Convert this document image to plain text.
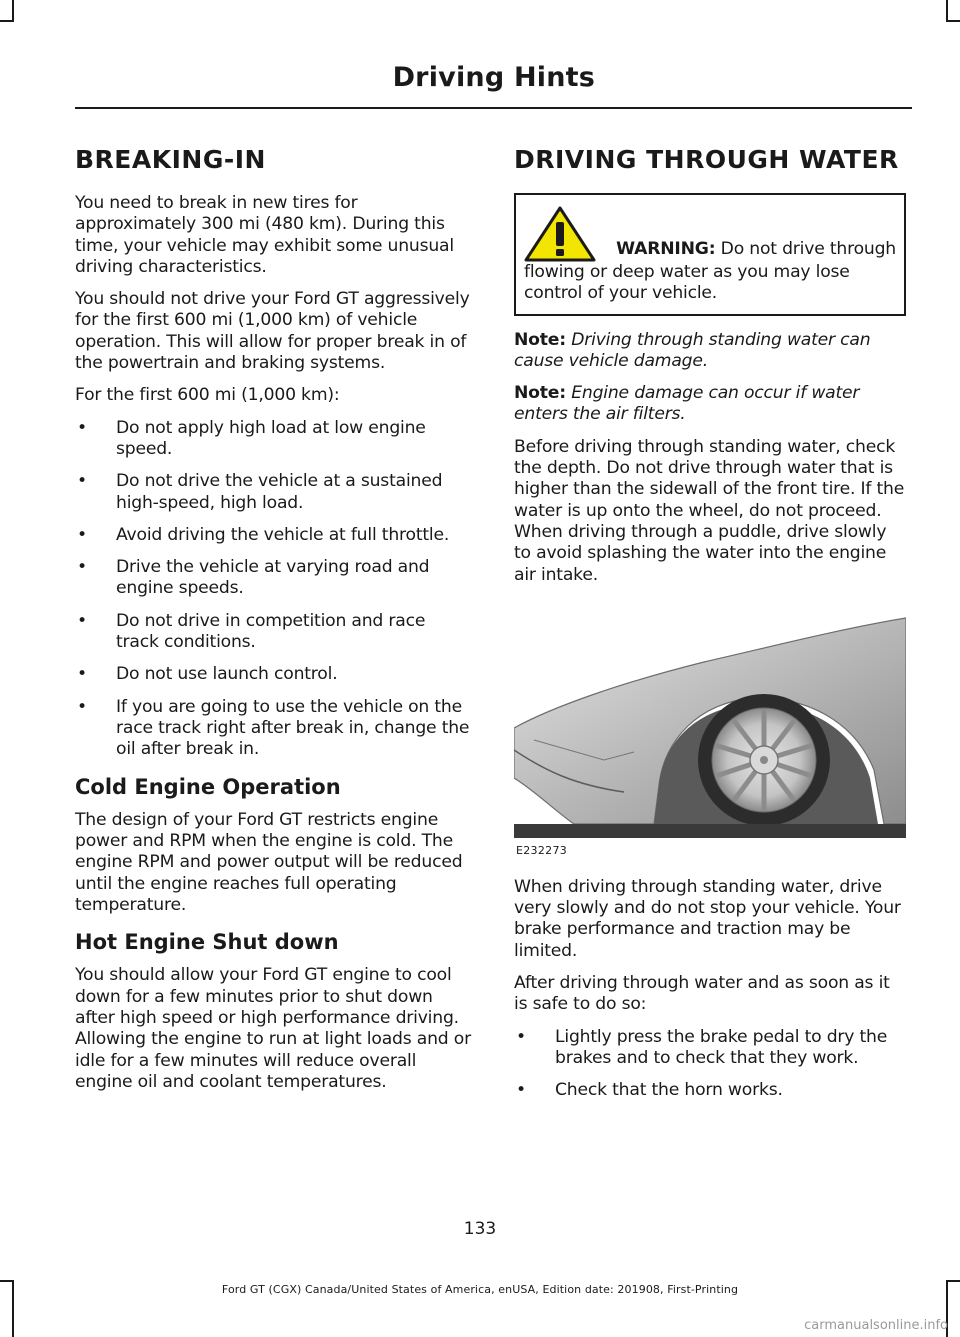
Driving Hints
BREAKING-IN

You need to break in new tires for approximately 300 mi (480 km). During this time, your vehicle may exhibit some unusual driving characteristics.

You should not drive your Ford GT aggressively for the first 600 mi (1,000 km) of vehicle operation. This will allow for proper break in of the powertrain and braking systems.

For the first 600 mi (1,000 km):

• Do not apply high load at low engine speed.
• Do not drive the vehicle at a sustained high-speed, high load.
• Avoid driving the vehicle at full throttle.
• Drive the vehicle at varying road and engine speeds.
• Do not drive in competition and race track conditions.
• Do not use launch control.
• If you are going to use the vehicle on the race track right after break in, change the oil after break in.
Cold Engine Operation

The design of your Ford GT restricts engine power and RPM when the engine is cold. The engine RPM and power output will be reduced until the engine reaches full operating temperature.

Hot Engine Shut down

You should allow your Ford GT engine to cool down for a few minutes prior to shut down after high speed or high performance driving. Allowing the engine to run at light loads and or idle for a few minutes will reduce overall engine oil and coolant temperatures.

DRIVING THROUGH WATER
WARNING: Do not drive through
flowing or deep water as you may lose control of your vehicle.

Note: Driving through standing water can cause vehicle damage.

Note: Engine damage can occur if water enters the air filters.

Before driving through standing water, check the depth. Do not drive through water that is higher than the sidewall of the front tire. If the water is up onto the wheel, do not proceed. When driving through a puddle, drive slowly to avoid splashing the water into the engine air intake.

E232273

When driving through standing water, drive very slowly and do not stop your vehicle. Your brake performance and traction may be limited.

After driving through water and as soon as it is safe to do so:

• Lightly press the brake pedal to dry the brakes and to check that they work.
• Check that the horn works.
133
Ford GT (CGX) Canada/United States of America, enUSA, Edition date: 201908, First-Printing
carmanualsonline.info
